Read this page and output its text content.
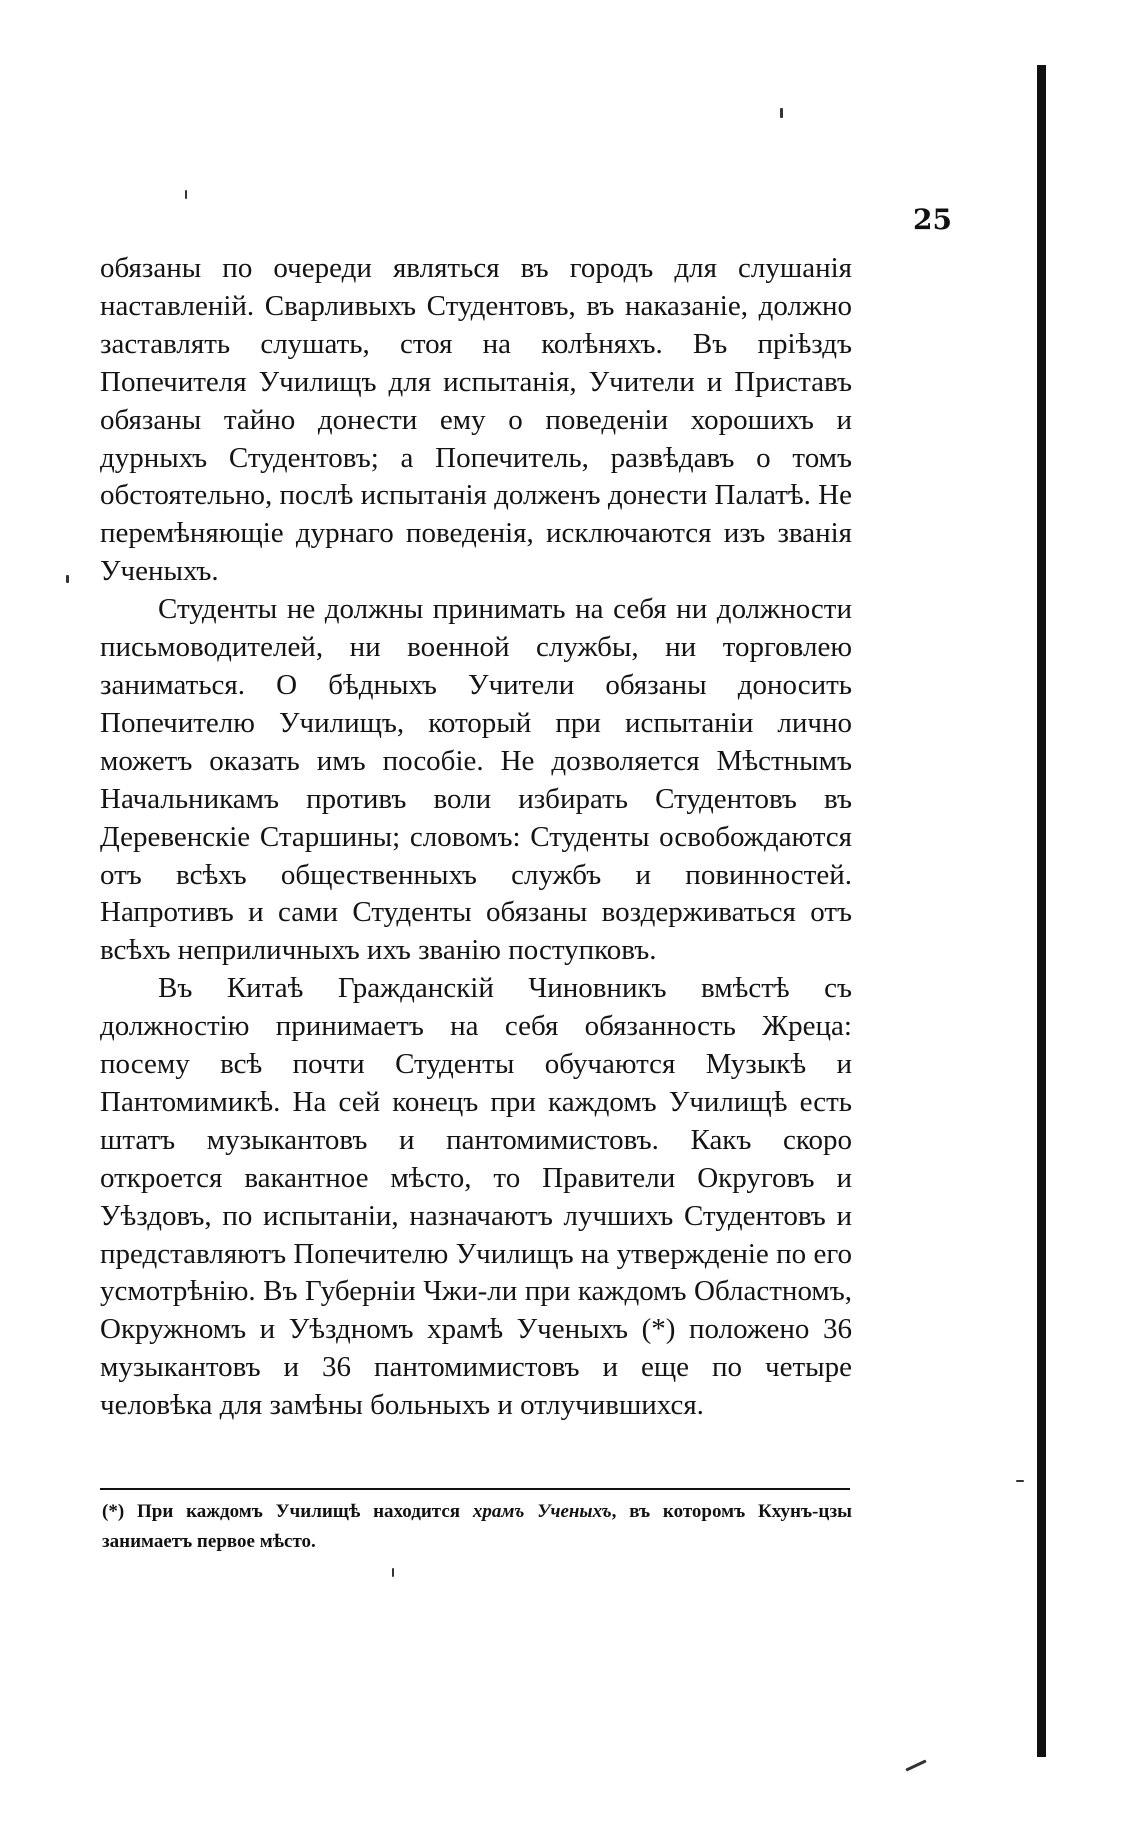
25

обязаны по очереди являться въ городъ для слушанія наставленій. Сварливыхъ Студентовъ, въ наказаніе, должно заставлять слушать, стоя на колѣняхъ. Въ пріѣздъ Попечителя Училищъ для испытанія, Учители и Приставъ обязаны тайно донести ему о поведеніи хорошихъ и дурныхъ Студентовъ; а Попечитель, развѣдавъ о томъ обстоятельно, послѣ испытанія долженъ донести Палатѣ. Не перемѣняющіе дурнаго поведенія, исключаются изъ званія Ученыхъ.

Студенты не должны принимать на себя ни должности письмоводителей, ни военной службы, ни торговлею заниматься. О бѣдныхъ Учители обязаны доносить Попечителю Училищъ, который при испытаніи лично можетъ оказать имъ пособіе. Не дозволяется Мѣстнымъ Начальникамъ противъ воли избирать Студентовъ въ Деревенскіе Старшины; словомъ: Студенты освобождаются отъ всѣхъ общественныхъ службъ и повинностей. Напротивъ и сами Студенты обязаны воздерживаться отъ всѣхъ неприличныхъ ихъ званію поступковъ.

Въ Китаѣ Гражданскій Чиновникъ вмѣстѣ съ должностію принимаетъ на себя обязанность Жреца: посему всѣ почти Студенты обучаются Музыкѣ и Пантомимикѣ. На сей конецъ при каждомъ Училищѣ есть штатъ музыкантовъ и пантомимистовъ. Какъ скоро откроется вакантное мѣсто, то Правители Округовъ и Уѣздовъ, по испытаніи, назначаютъ лучшихъ Студентовъ и представляютъ Попечителю Училищъ на утвержденіе по его усмотрѣнію. Въ Губерніи Чжи-ли при каждомъ Областномъ, Окружномъ и Уѣздномъ храмѣ Ученыхъ (*) положено 36 музыкантовъ и 36 пантомимистовъ и еще по четыре человѣка для замѣны больныхъ и отлучившихся.

(*) При каждомъ Училищѣ находится храмъ Ученыхъ, въ которомъ Кхунъ-цзы занимаетъ первое мѣсто.
